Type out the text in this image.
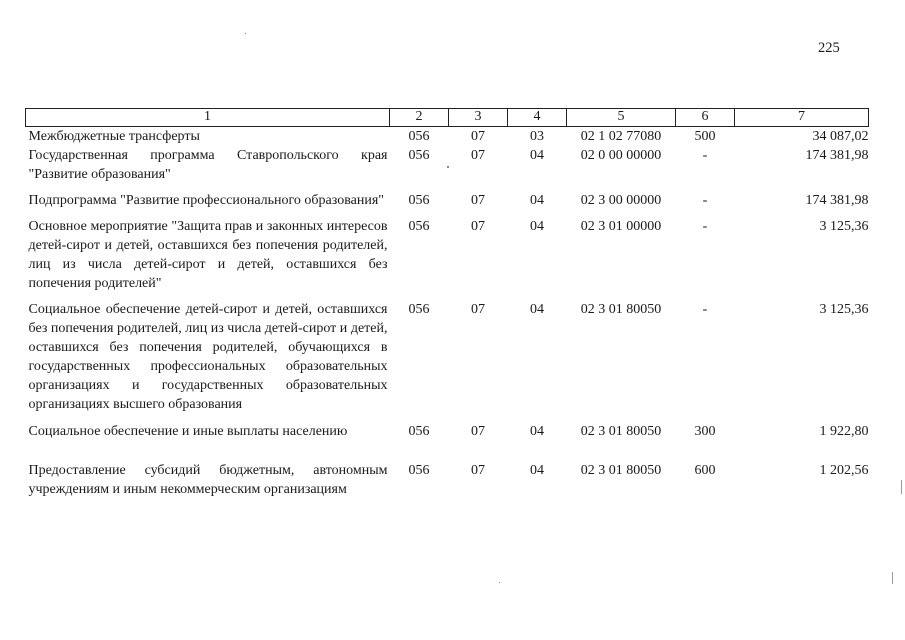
225
1	2	3	4	5	6	7
Межбюджетные трансферты	056	07	03	02 1 02 77080	500	34 087,02
Государственная программа Ставропольского края "Развитие образования"	056	07	04	02 0 00 00000	-	174 381,98
Подпрограмма "Развитие профессионального образования"	056	07	04	02 3 00 00000	-	174 381,98
Основное мероприятие "Защита прав и законных интересов детей-сирот и детей, оставшихся без попечения родителей, лиц из числа детей-сирот и детей, оставшихся без попечения родителей"	056	07	04	02 3 01 00000	-	3 125,36
Социальное обеспечение детей-сирот и детей, оставшихся без попечения родителей, лиц из числа детей-сирот и детей, оставшихся без попечения родителей, обучающихся в государственных профессиональных образовательных организациях и государственных образовательных организациях высшего образования	056	07	04	02 3 01 80050	-	3 125,36
Социальное обеспечение и иные выплаты населению	056	07	04	02 3 01 80050	300	1 922,80
Предоставление субсидий бюджетным, автономным учреждениям и иным некоммерческим организациям	056	07	04	02 3 01 80050	600	1 202,56
